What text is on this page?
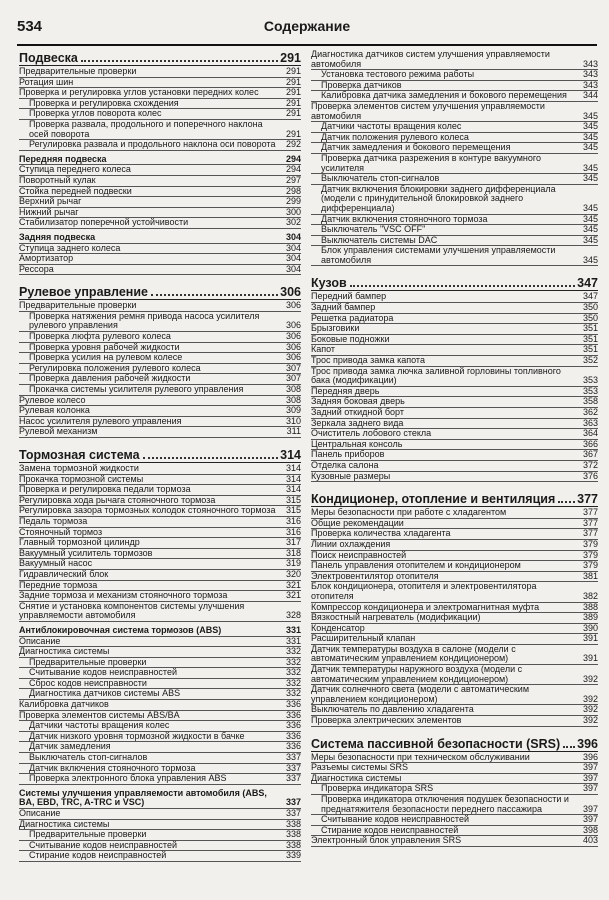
534	Содержание
Подвеска	291
Предварительные проверки	291
Ротация шин	291
Проверка и регулировка углов установки передних колес	291
Проверка и регулировка схождения	291
Проверка углов поворота колес	291
Проверка развала, продольного и поперечного наклона осей поворота	291
Регулировка развала и продольного наклона оси поворота	292
Передняя подвеска	294
Ступица переднего колеса	294
Поворотный кулак	297
Стойка передней подвески	298
Верхний рычаг	299
Нижний рычаг	300
Стабилизатор поперечной устойчивости	302
Задняя подвеска	304
Ступица заднего колеса	304
Амортизатор	304
Рессора	304
Рулевое управление	306
Предварительные проверки	306
Проверка натяжения ремня привода насоса усилителя рулевого управления	306
Проверка люфта рулевого колеса	306
Проверка уровня рабочей жидкости	306
Проверка усилия на рулевом колесе	306
Регулировка положения рулевого колеса	307
Проверка давления рабочей жидкости	307
Прокачка системы усилителя рулевого управления	308
Рулевое колесо	308
Рулевая колонка	309
Насос усилителя рулевого управления	310
Рулевой механизм	311
Тормозная система	314
Замена тормозной жидкости	314
Прокачка тормозной системы	314
Проверка и регулировка педали тормоза	314
Регулировка хода рычага стояночного тормоза	315
Регулировка зазора тормозных колодок стояночного тормоза	315
Педаль тормоза	316
Стояночный тормоз	316
Главный тормозной цилиндр	317
Вакуумный усилитель тормозов	318
Вакуумный насос	319
Гидравлический блок	320
Передние тормоза	321
Задние тормоза и механизм стояночного тормоза	321
Снятие и установка компонентов системы улучшения управляемости автомобиля	328
Антиблокировочная система тормозов (ABS)	331
Описание	331
Диагностика системы	332
Предварительные проверки	332
Считывание кодов неисправностей	332
Сброс кодов неисправности	332
Диагностика датчиков системы ABS	332
Калибровка датчиков	336
Проверка элементов системы ABS/BA	336
Датчики частоты вращения колес	336
Датчик низкого уровня тормозной жидкости в бачке	336
Датчик замедления	336
Выключатель стоп-сигналов	337
Датчик включения стояночного тормоза	337
Проверка электронного блока управления ABS	337
Системы улучшения управляемости автомобиля (ABS, BA, EBD, TRC, A-TRC и VSC)	337
Описание	337
Диагностика системы	338
Предварительные проверки	338
Считывание кодов неисправностей	338
Стирание кодов неисправностей	339
Диагностика датчиков систем улучшения управляемости автомобиля	343
Установка тестового режима работы	343
Проверка датчиков	343
Калибровка датчика замедления и бокового перемещения	344
Проверка элементов систем улучшения управляемости автомобиля	345
Датчики частоты вращения колес	345
Датчик положения рулевого колеса	345
Датчик замедления и бокового перемещения	345
Проверка датчика разрежения в контуре вакуумного усилителя	345
Выключатель стоп-сигналов	345
Датчик включения блокировки заднего дифференциала (модели с принудительной блокировкой заднего дифференциала)	345
Датчик включения стояночного тормоза	345
Выключатель "VSC OFF"	345
Выключатель системы DAC	345
Блок управления системами улучшения управляемости автомобиля	345
Кузов	347
Передний бампер	347
Задний бампер	350
Решетка радиатора	350
Брызговики	351
Боковые подножки	351
Капот	351
Трос привода замка капота	352
Трос привода замка лючка заливной горловины топливного бака (модификации)	353
Передняя дверь	353
Задняя боковая дверь	358
Задний откидной борт	362
Зеркала заднего вида	363
Очиститель лобового стекла	364
Центральная консоль	366
Панель приборов	367
Отделка салона	372
Кузовные размеры	376
Кондиционер, отопление и вентиляция 377
Меры безопасности при работе с хладагентом	377
Общие рекомендации	377
Проверка количества хладагента	377
Линии охлаждения	379
Поиск неисправностей	379
Панель управления отопителем и кондиционером	379
Электровентилятор отопителя	381
Блок кондиционера, отопителя и электровентилятора отопителя	382
Компрессор кондиционера и электромагнитная муфта	388
Вязкостный нагреватель (модификации)	389
Конденсатор	390
Расширительный клапан	391
Датчик температуры воздуха в салоне (модели с автоматическим управлением кондиционером)	391
Датчик температуры наружного воздуха (модели с автоматическим управлением кондиционером)	392
Датчик солнечного света (модели с автоматическим управлением кондиционером)	392
Выключатель по давлению хладагента	392
Проверка электрических элементов	392
Система пассивной безопасности (SRS) 396
Меры безопасности при техническом обслуживании	396
Разъемы системы SRS	397
Диагностика системы	397
Проверка индикатора SRS	397
Проверка индикатора отключения подушек безопасности и преднатяжителя безопасности переднего пассажира	397
Считывание кодов неисправностей	397
Стирание кодов неисправностей	398
Электронный блок управления SRS	403
